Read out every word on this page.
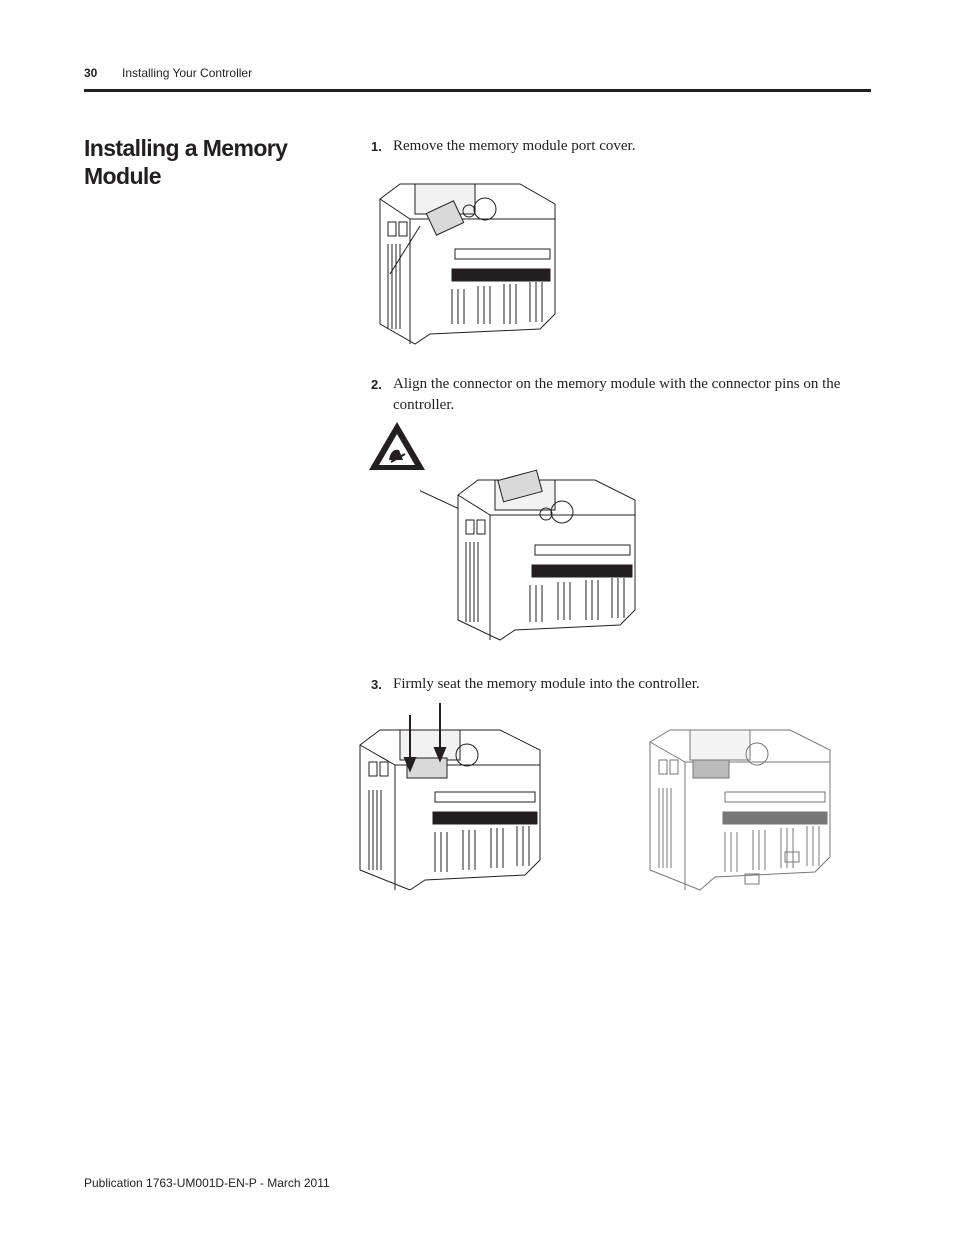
30 Installing Your Controller
Installing a Memory Module
1. Remove the memory module port cover.
2. Align the connector on the memory module with the connector pins on the controller.
3. Firmly seat the memory module into the controller.
Publication 1763-UM001D-EN-P - March 2011
